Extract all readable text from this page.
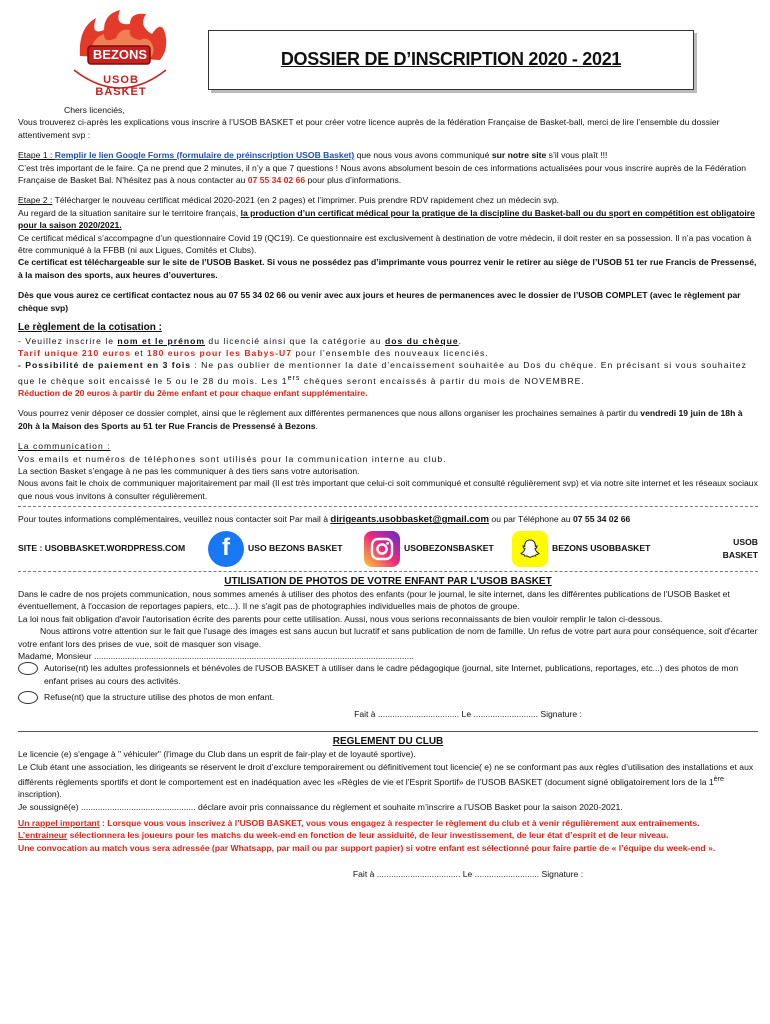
BEZONS
USOB BASKET
DOSSIER DE D’INSCRIPTION 2020 - 2021

Chers licenciés,

Vous trouverez ci-après les explications vous inscrire à l’USOB BASKET et pour créer votre licence auprès de la fédération Française de Basket-ball, merci de lire l’ensemble du dossier attentivement svp :

Etape 1 : Remplir le lien Google Forms (formulaire de préinscription USOB Basket) que nous vous avons communiqué sur notre site s’il vous plaît !!!

C’est très important de le faire. Ça ne prend que 2 minutes, il n’y a que 7 questions ! Nous avons absolument besoin de ces informations actualisées pour vous inscrire auprès de la Fédération Française de Basket Bal. N’hésitez pas à nous contacter au 07 55 34 02 66 pour plus d’informations.

Etape 2 : Télécharger le nouveau certificat médical 2020-2021 (en 2 pages) et l’imprimer. Puis prendre RDV rapidement chez un médecin svp.

Au regard de la situation sanitaire sur le territoire français, la production d’un certificat médical pour la pratique de la discipline du Basket-ball ou du sport en compétition est obligatoire pour la saison 2020/2021.

Ce certificat médical s’accompagne d’un questionnaire Covid 19 (QC19). Ce questionnaire est exclusivement à destination de votre médecin, il doit rester en sa possession. Il n’a pas vocation à être communiqué à la FFBB (ni aux Ligues, Comités et Clubs).

Ce certificat est téléchargeable sur le site de l’USOB Basket. Si vous ne possédez pas d’imprimante vous pourrez venir le retirer au siège de l’USOB 51 ter rue Francis de Pressensé, à la maison des sports, aux heures d’ouvertures.

Dès que vous aurez ce certificat contactez nous au 07 55 34 02 66 ou venir avec aux jours et heures de permanences avec le dossier de l’USOB COMPLET (avec le règlement par chèque svp)

Le règlement de la cotisation :

- Veuillez inscrire le nom et le prénom du licencié ainsi que la catégorie au dos du chèque.

Tarif unique 210 euros et 180 euros pour les Babys-U7 pour l’ensemble des nouveaux licenciés.

- Possibilité de paiement en 3 fois : Ne pas oublier de mentionner la date d’encaissement souhaitée au Dos du chèque. En précisant si vous souhaitez que le chèque soit encaissé le 5 ou le 28 du mois. Les 1ers chèques seront encaissés à partir du mois de NOVEMBRE.

Réduction de 20 euros à partir du 2ème enfant et pour chaque enfant supplémentaire.

Vous pourrez venir déposer ce dossier complet, ainsi que le règlement aux différentes permanences que nous allons organiser les prochaines semaines à partir du vendredi 19 juin de 18h à 20h à la Maison des Sports au 51 ter Rue Francis de Pressensé à Bezons.

La communication :

Vos emails et numéros de téléphones sont utilisés pour la communication interne au club.

La section Basket s’engage à ne pas les communiquer à des tiers sans votre autorisation.

Nous avons fait le choix de communiquer majoritairement par mail (Il est très important que celui-ci soit communiqué et consulté régulièrement svp) et via notre site internet et les réseaux sociaux que nous vous invitons à consulter régulièrement.

Pour toutes informations complémentaires, veuillez nous contacter soit Par mail à dirigeants.usobbasket@gmail.com ou par Téléphone au 07 55 34 02 66

SITE : USOBBASKET.WORDPRESS.COM	f	USO BEZONS BASKET	USOBEZONSBASKET	BEZONS USOBBASKET
USOB BASKET

UTILISATION DE PHOTOS DE VOTRE ENFANT PAR L'USOB BASKET

Dans le cadre de nos projets communication, nous sommes amenés à utiliser des photos des enfants (pour le journal, le site internet, dans les différentes publications de l'USOB Basket et éventuellement, à l'occasion de reportages papiers, etc...). Il ne s'agit pas de photographies individuelles mais de photos de groupe.

La loi nous fait obligation d'avoir l'autorisation écrite des parents pour cette utilisation. Aussi, nous vous serions reconnaissants de bien vouloir remplir le talon ci-dessous.

Nous attirons votre attention sur le fait que l'usage des images est sans aucun but lucratif et sans publication de nom de famille. Un refus de votre part aura pour conséquence, soit d'écarter votre enfant lors des prises de vue, soit de masquer son visage.

Madame, Monsieur ......................................................................................................................................

Autorise(nt) les adultes professionnels et bénévoles de l'USOB BASKET à utiliser dans le cadre pédagogique (journal, site Internet, publications, reportages, etc...) des photos de mon enfant prises au cours des activités.

Refuse(nt) que la structure utilise des photos de mon enfant.

Fait à .................................. Le ........................... Signature :

REGLEMENT DU CLUB

Le licencie (e) s'engage à " véhiculer" (l'image du Club dans un esprit de fair-play et de loyauté sportive).

Le Club étant une association, les dirigeants se réservent le droit d’exclure temporairement ou définitivement tout licencie( e) ne se conformant pas aux règles d’utilisation des installations et aux différents règlements sportifs et dont le comportement est en inadéquation avec les «Règles de vie et l’Esprit Sportif» de l’USOB BASKET (document signé obligatoirement lors de la 1ère inscription).

Je soussigné(e) ................................................ déclare avoir pris connaissance du règlement et souhaite m’inscrire a l’USOB Basket pour la saison 2020-2021.

Un rappel important : Lorsque vous vous inscrivez à l’USOB BASKET, vous vous engagez à respecter le règlement du club et à venir régulièrement aux entraînements.

L’entraineur sélectionnera les joueurs pour les matchs du week-end en fonction de leur assiduité, de leur investissement, de leur état d’esprit et de leur niveau.

Une convocation au match vous sera adressée (par Whatsapp, par mail ou par support papier) si votre enfant est sélectionné pour faire partie de « l’équipe du week-end ».

Fait à ................................... Le ........................... Signature :
